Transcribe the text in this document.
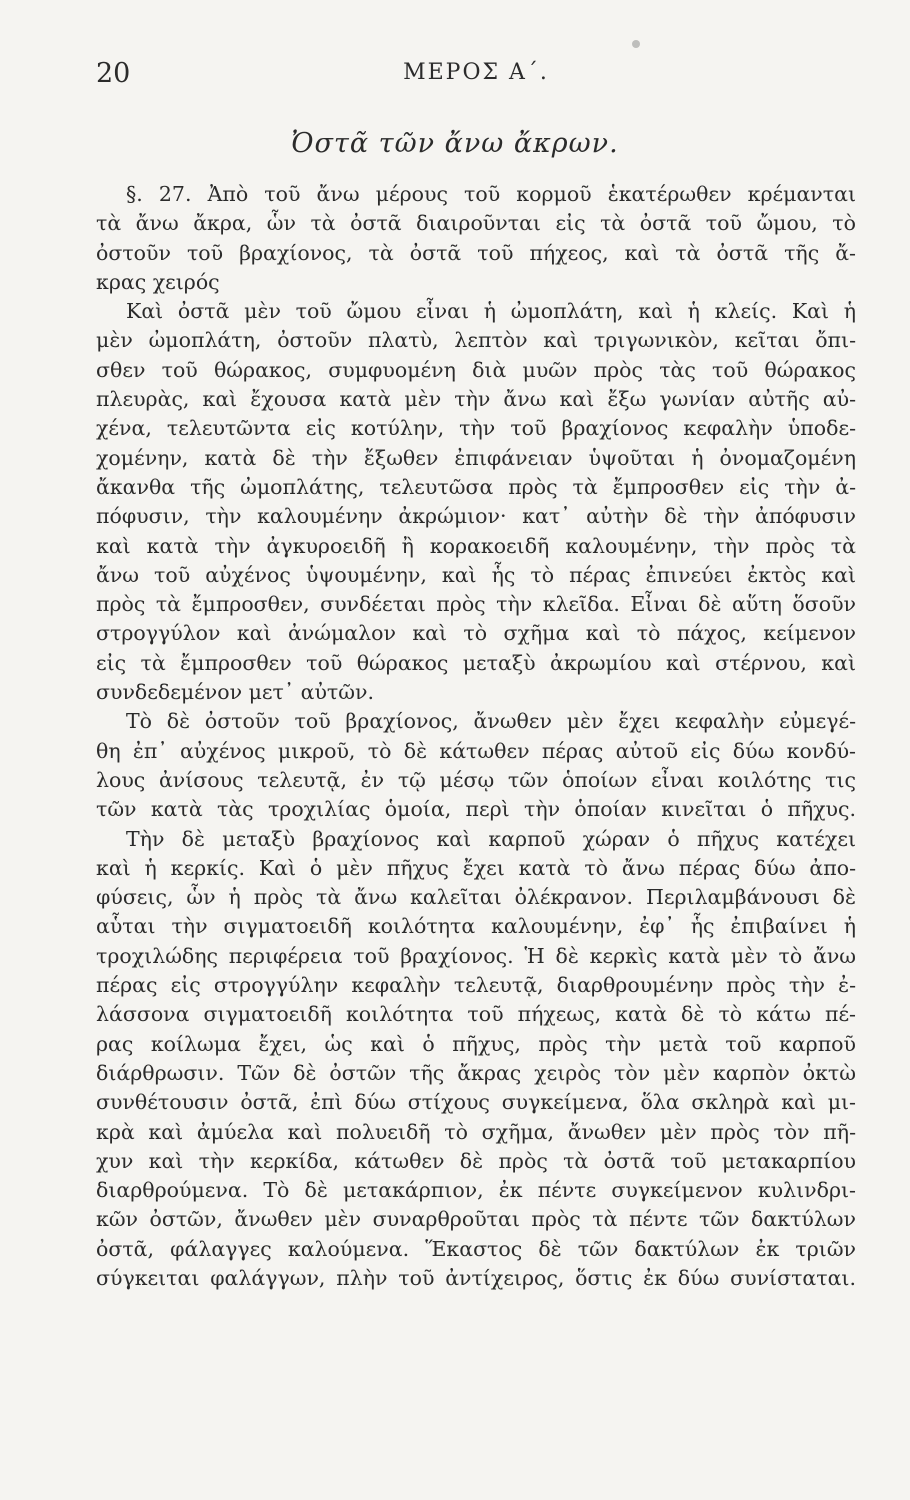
20	ΜΕΡΟΣ Α΄.
Ὀστᾶ τῶν ἄνω ἄκρων.
§. 27. Ἀπὸ τοῦ ἄνω μέρους τοῦ κορμοῦ ἑκατέρωθεν κρέμανται
τὰ ἄνω ἄκρα, ὧν τὰ ὀστᾶ διαιροῦνται εἰς τὰ ὀστᾶ τοῦ ὤμου, τὸ
ὀστοῦν τοῦ βραχίονος, τὰ ὀστᾶ τοῦ πήχεος, καὶ τὰ ὀστᾶ τῆς ἄ-
κρας χειρός
Καὶ ὀστᾶ μὲν τοῦ ὤμου εἶναι ἡ ὠμοπλάτη, καὶ ἡ κλείς. Καὶ ἡ
μὲν ὠμοπλάτη, ὀστοῦν πλατὺ, λεπτὸν καὶ τριγωνικὸν, κεῖται ὄπι-
σθεν τοῦ θώρακος, συμφυομένη διὰ μυῶν πρὸς τὰς τοῦ θώρακος
πλευρὰς, καὶ ἔχουσα κατὰ μὲν τὴν ἄνω καὶ ἔξω γωνίαν αὐτῆς αὐ-
χένα, τελευτῶντα εἰς κοτύλην, τὴν τοῦ βραχίονος κεφαλὴν ὑποδε-
χομένην, κατὰ δὲ τὴν ἔξωθεν ἐπιφάνειαν ὑψοῦται ἡ ὀνομαζομένη
ἄκανθα τῆς ὠμοπλάτης, τελευτῶσα πρὸς τὰ ἔμπροσθεν εἰς τὴν ἀ-
πόφυσιν, τὴν καλουμένην ἀκρώμιον· κατ᾽ αὐτὴν δὲ τὴν ἀπόφυσιν
καὶ κατὰ τὴν ἀγκυροειδῆ ἢ κορακοειδῆ καλουμένην, τὴν πρὸς τὰ
ἄνω τοῦ αὐχένος ὑψουμένην, καὶ ἧς τὸ πέρας ἐπινεύει ἐκτὸς καὶ
πρὸς τὰ ἔμπροσθεν, συνδέεται πρὸς τὴν κλεῖδα. Εἶναι δὲ αὕτη ὅσοῦν
στρογγύλον καὶ ἀνώμαλον καὶ τὸ σχῆμα καὶ τὸ πάχος, κείμενον
εἰς τὰ ἔμπροσθεν τοῦ θώρακος μεταξὺ ἀκρωμίου καὶ στέρνου, καὶ
συνδεδεμένον μετ᾽ αὐτῶν.
Τὸ δὲ ὀστοῦν τοῦ βραχίονος, ἄνωθεν μὲν ἔχει κεφαλὴν εὐμεγέ-
θη ἐπ᾽ αὐχένος μικροῦ, τὸ δὲ κάτωθεν πέρας αὐτοῦ εἰς δύω κονδύ-
λους ἀνίσους τελευτᾷ, ἐν τῷ μέσῳ τῶν ὁποίων εἶναι κοιλότης τις
τῶν κατὰ τὰς τροχιλίας ὁμοία, περὶ τὴν ὁποίαν κινεῖται ὁ πῆχυς.
Τὴν δὲ μεταξὺ βραχίονος καὶ καρποῦ χώραν ὁ πῆχυς κατέχει
καὶ ἡ κερκίς. Καὶ ὁ μὲν πῆχυς ἔχει κατὰ τὸ ἄνω πέρας δύω ἀπο-
φύσεις, ὧν ἡ πρὸς τὰ ἄνω καλεῖται ὀλέκρανον. Περιλαμβάνουσι δὲ
αὗται τὴν σιγματοειδῆ κοιλότητα καλουμένην, ἐφ᾽ ἧς ἐπιβαίνει ἡ
τροχιλώδης περιφέρεια τοῦ βραχίονος. Ἡ δὲ κερκὶς κατὰ μὲν τὸ ἄνω
πέρας εἰς στρογγύλην κεφαλὴν τελευτᾷ, διαρθρουμένην πρὸς τὴν ἐ-
λάσσονα σιγματοειδῆ κοιλότητα τοῦ πήχεως, κατὰ δὲ τὸ κάτω πέ-
ρας κοίλωμα ἔχει, ὡς καὶ ὁ πῆχυς, πρὸς τὴν μετὰ τοῦ καρποῦ
διάρθρωσιν. Τῶν δὲ ὀστῶν τῆς ἄκρας χειρὸς τὸν μὲν καρπὸν ὀκτὼ
συνθέτουσιν ὀστᾶ, ἐπὶ δύω στίχους συγκείμενα, ὅλα σκληρὰ καὶ μι-
κρὰ καὶ ἀμύελα καὶ πολυειδῆ τὸ σχῆμα, ἄνωθεν μὲν πρὸς τὸν πῆ-
χυν καὶ τὴν κερκίδα, κάτωθεν δὲ πρὸς τὰ ὀστᾶ τοῦ μετακαρπίου
διαρθρούμενα. Τὸ δὲ μετακάρπιον, ἐκ πέντε συγκείμενον κυλινδρι-
κῶν ὀστῶν, ἄνωθεν μὲν συναρθροῦται πρὸς τὰ πέντε τῶν δακτύλων
ὀστᾶ, φάλαγγες καλούμενα. Ἕκαστος δὲ τῶν δακτύλων ἐκ τριῶν
σύγκειται φαλάγγων, πλὴν τοῦ ἀντίχειρος, ὅστις ἐκ δύω συνίσταται.
